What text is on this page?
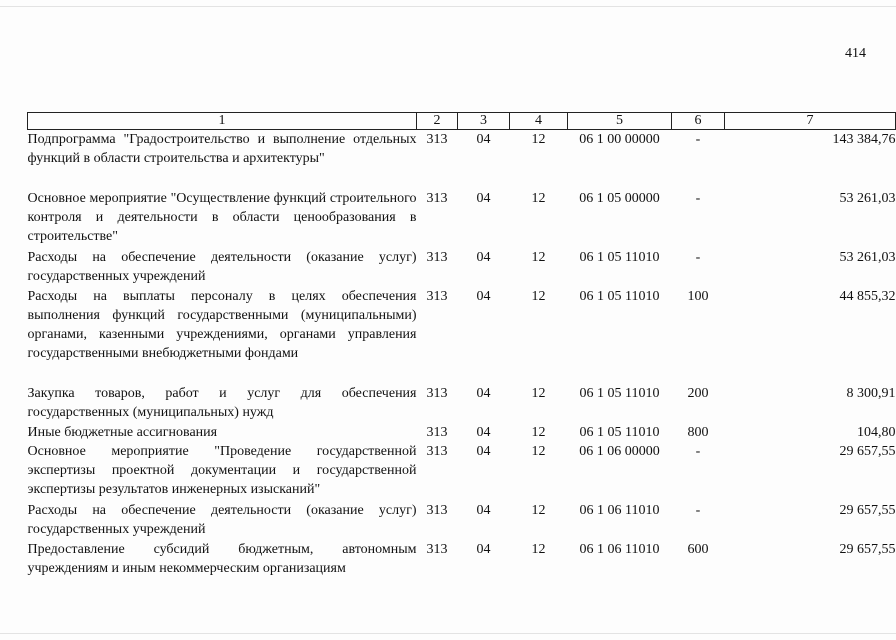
414
1	2	3	4	5	6	7
Подпрограмма "Градостроительство и выполнение отдельных функций в области строительства и архитектуры"	313	04	12	06 1 00 00000	-	143 384,76
Основное мероприятие "Осуществление функций строительного контроля и деятельности в области ценообразования в строительстве"	313	04	12	06 1 05 00000	-	53 261,03
Расходы на обеспечение деятельности (оказание услуг) государственных учреждений	313	04	12	06 1 05 11010	-	53 261,03
Расходы на выплаты персоналу в целях обеспечения выполнения функций государственными (муниципальными) органами, казенными учреждениями, органами управления государственными внебюджетными фондами	313	04	12	06 1 05 11010	100	44 855,32
Закупка товаров, работ и услуг для обеспечения государственных (муниципальных) нужд	313	04	12	06 1 05 11010	200	8 300,91
Иные бюджетные ассигнования	313	04	12	06 1 05 11010	800	104,80
Основное мероприятие "Проведение государственной экспертизы проектной документации и государственной экспертизы результатов инженерных изысканий"	313	04	12	06 1 06 00000	-	29 657,55
Расходы на обеспечение деятельности (оказание услуг) государственных учреждений	313	04	12	06 1 06 11010	-	29 657,55
Предоставление субсидий бюджетным, автономным учреждениям и иным некоммерческим организациям	313	04	12	06 1 06 11010	600	29 657,55
